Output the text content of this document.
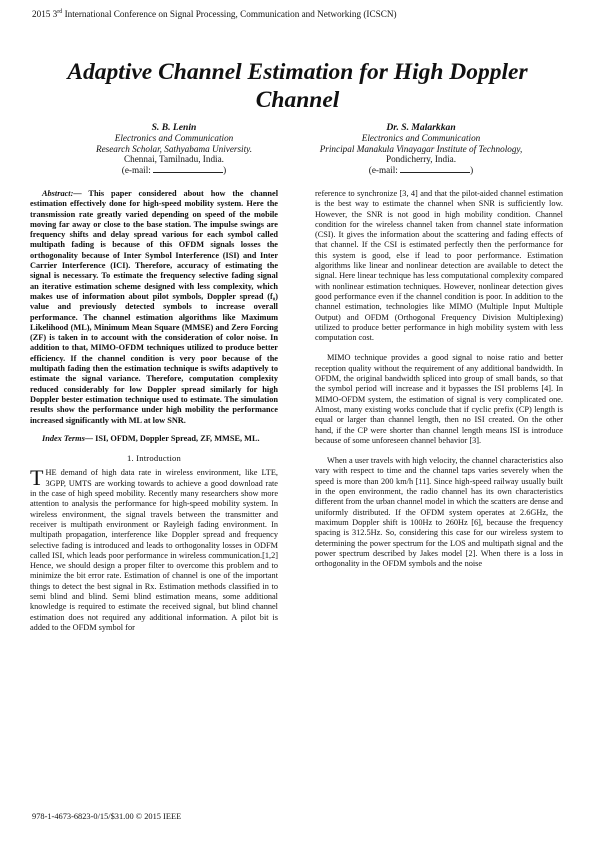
2015 3rd International Conference on Signal Processing, Communication and Networking (ICSCN)
Adaptive Channel Estimation for High Doppler Channel
S. B. Lenin
Electronics and Communication
Research Scholar, Sathyabama University.
Chennai, Tamilnadu, India.
(e-mail:	)
Dr. S. Malarkkan
Electronics and Communication
Principal Manakula Vinayagar Institute of Technology,
Pondicherry, India.
(e-mail:	)

Abstract:— This paper considered about how the channel estimation effectively done for high-speed mobility system. Here the transmission rate greatly varied depending on speed of the mobile moving far away or close to the base station. The impulse swings are frequency shifts and delay spread various for each symbol called multipath fading is because of this OFDM signals losses the orthogonality because of Inter Symbol Interference (ISI) and Inter Carrier Interference (ICI). Therefore, accuracy of estimating the signal is necessary. To estimate the frequency selective fading signal an iterative estimation scheme designed with less complexity, which makes use of information about pilot symbols, Doppler spread (f₀) value and previously detected symbols to increase overall performance. The channel estimation algorithms like Maximum Likelihood (ML), Minimum Mean Square (MMSE) and Zero Forcing (ZF) is taken in to account with the consideration of color noise. In addition to that, MIMO-OFDM techniques utilized to produce better efficiency. If the channel condition is very poor because of the multipath fading then the estimation technique is swifts adaptively to estimate the signal variance. Therefore, computation complexity reduced considerably for low Doppler spread similarly for high Doppler bester estimation technique used to estimate. The simulation results show the performance under high mobility the performance increased significantly with ML at low SNR.

Index Terms— ISI, OFDM, Doppler Spread, ZF, MMSE, ML.

1. Introduction

THE demand of high data rate in wireless environment, like LTE, 3GPP, UMTS are working towards to achieve a good download rate in the case of high speed mobility. Recently many researchers show more attention to analysis the performance for high-speed mobility system. In wireless environment, the signal travels between the transmitter and receiver is multipath environment or Rayleigh fading environment. In multipath propagation, interference like Doppler spread and frequency selective fading is introduced and leads to orthogonality losses in ODFM called ISI, which leads poor performance in wireless communication.[1,2] Hence, we should design a proper filter to overcome this problem and to minimize the bit error rate. Estimation of channel is one of the important things to detect the best signal in Rx. Estimation methods classified in to semi blind and blind. Semi blind estimation means, some additional knowledge is required to estimate the received signal, but blind channel estimation does not required any additional information. A pilot bit is added to the OFDM symbol for

reference to synchronize [3, 4] and that the pilot-aided channel estimation is the best way to estimate the channel when SNR is sufficiently low. However, the SNR is not good in high mobility condition. Channel condition for the wireless channel taken from channel state information (CSI). It gives the information about the scattering and fading effects of that channel. If the CSI is estimated perfectly then the performance for this system is good, else if lead to poor performance. Estimation algorithms like linear and nonlinear detection are available to detect the signal. Here linear technique has less computational complexity compared with nonlinear estimation techniques. However, nonlinear detection gives good performance even if the channel condition is poor. In addition to the channel estimation, technologies like MIMO (Multiple Input Multiple Output) and OFDM (Orthogonal Frequency Division Multiplexing) utilized to produce better performance in high mobility system with less computation cost.

MIMO technique provides a good signal to noise ratio and better reception quality without the requirement of any additional bandwidth. In OFDM, the original bandwidth spliced into group of small bands, so that the symbol period will increase and it bypasses the ISI problems [4]. In MIMO-OFDM system, the estimation of signal is very complicated one. Almost, many existing works conclude that if cyclic prefix (CP) length is equal or larger than channel length, then no ISI created. On the other hand, if the CP were shorter than channel length means ISI is introduce because of some unforeseen channel behavior [3].

When a user travels with high velocity, the channel characteristics also vary with respect to time and the channel taps varies severely when the speed is more than 200 km/h [11]. Since high-speed railway usually built in the open environment, the radio channel has its own characteristics different from the urban channel model in which the scatters are dense and uniformly distributed. If the OFDM system operates at 2.6GHz, the maximum Doppler shift is 100Hz to 260Hz [6], because the frequency spacing is 312.5Hz. So, considering this case for our wireless system to determining the power spectrum for the LOS and multipath signal and the power spectrum described by Jakes model [2]. When there is a loss in orthogonality in the OFDM symbols and the noise

978-1-4673-6823-0/15/$31.00 © 2015 IEEE
